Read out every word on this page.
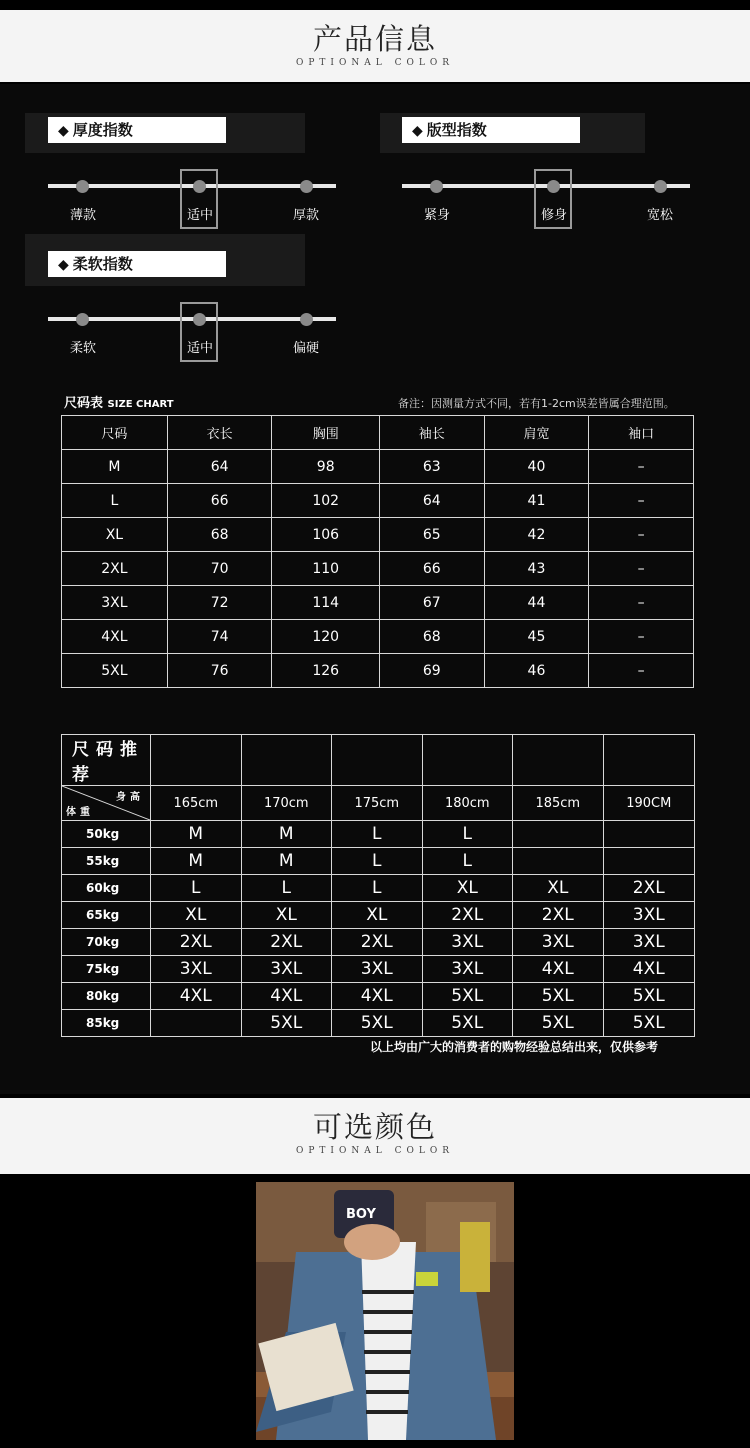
产品信息
OPTIONAL COLOR
◆ 厚度指数
薄款	适中	厚款
◆ 版型指数
紧身	修身	宽松
◆ 柔软指数
柔软	适中	偏硬
尺码表 SIZE CHART	备注：因测量方式不同，若有1-2cm误差皆属合理范围。
尺码	衣长	胸围	袖长	肩宽	袖口
M	64	98	63	40	–
L	66	102	64	41	–
XL	68	106	65	42	–
2XL	70	110	66	43	–
3XL	72	114	67	44	–
4XL	74	120	68	45	–
5XL	76	126	69	46	–
尺码推荐						

身高
体重	165cm	170cm	175cm	180cm	185cm	190CM
50kg	M	M	L	L		
55kg	M	M	L	L		
60kg	L	L	L	XL	XL	2XL
65kg	XL	XL	XL	2XL	2XL	3XL
70kg	2XL	2XL	2XL	3XL	3XL	3XL
75kg	3XL	3XL	3XL	3XL	4XL	4XL
80kg	4XL	4XL	4XL	5XL	5XL	5XL
85kg		5XL	5XL	5XL	5XL	5XL
以上均由广大的消费者的购物经验总结出来，仅供参考
可选颜色
OPTIONAL COLOR
BOY
